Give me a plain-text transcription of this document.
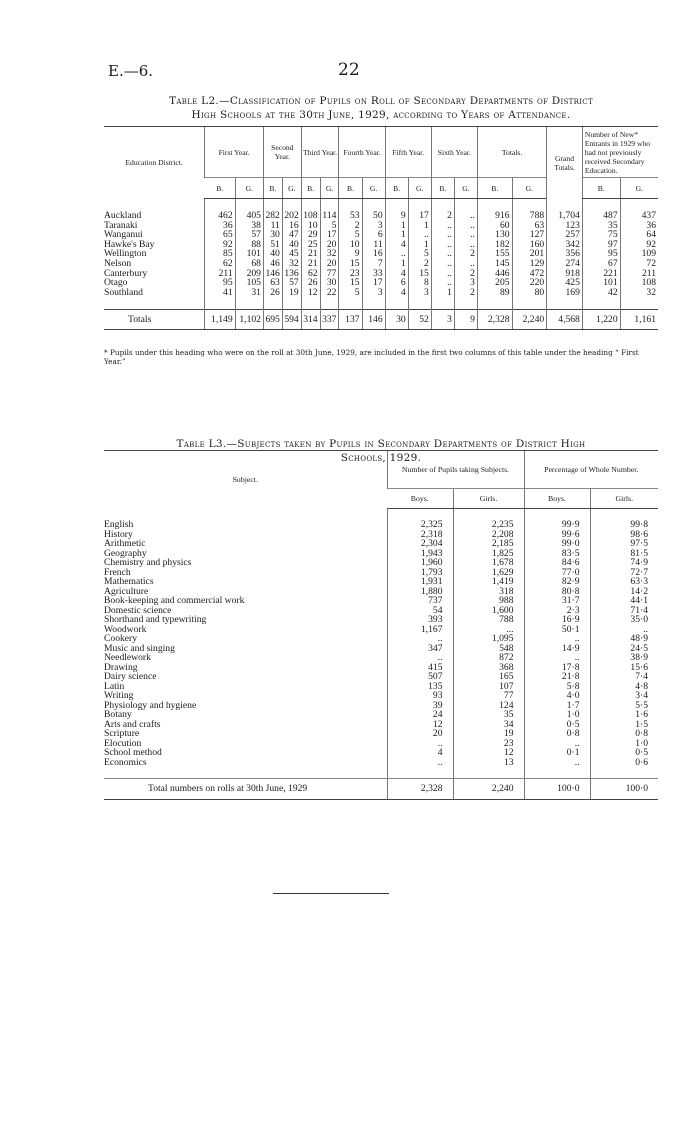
E.—6.	22
Table L2.—Classification of Pupils on Roll of Secondary Departments of District
High Schools at the 30th June, 1929, according to Years of Attendance.
Education District.	First Year.		Second Year.		Third Year.		Fourth Year.		Fifth Year.		Sixth Year.		Totals.		Grand Totals.	Number of New* Entrants in 1929 who had not previously received Secondary Education.	
	B.	G.	B.	G.	B.	G.	B.	G.	B.	G.	B.	G.	B.	G.		B.	G.

Auckland	462	405	282	202	108	114	53	50	9	17	2	..	916	788	1,704	487	437
Taranaki	36	38	11	16	10	5	2	3	1	1	..	..	60	63	123	35	36
Wanganui	65	57	30	47	29	17	5	6	1	..	..	..	130	127	257	75	64
Hawke's Bay	92	88	51	40	25	20	10	11	4	1	..	..	182	160	342	97	92
Wellington	85	101	40	45	21	32	9	16	..	5	..	2	155	201	356	95	109
Nelson	62	68	46	32	21	20	15	7	1	2	..	..	145	129	274	67	72
Canterbury	211	209	146	136	62	77	23	33	4	15	..	2	446	472	918	221	211
Otago	95	105	63	57	26	30	15	17	6	8	..	3	205	220	425	101	108
Southland	41	31	26	19	12	22	5	3	4	3	1	2	89	80	169	42	32

Totals	1,149	1,102	695	594	314	337	137	146	30	52	3	9	2,328	2,240	4,568	1,220	1,161
* Pupils under this heading who were on the roll at 30th June, 1929, are included in the first two columns of this table under the heading “ First Year.”
Table L3.—Subjects taken by Pupils in Secondary Departments of District High
Schools, 1929.
Subject.	Number of Pupils taking Subjects.		Percentage of Whole Number.	
	Boys.	Girls.	Boys.	Girls.

English	2,325	2,235	99·9	99·8
History	2,318	2,208	99·6	98·6
Arithmetic	2,304	2,185	99·0	97·5
Geography	1,943	1,825	83·5	81·5
Chemistry and physics	1,960	1,678	84·6	74·9
French	1,793	1,629	77·0	72·7
Mathematics	1,931	1,419	82·9	63·3
Agriculture	1,880	318	80·8	14·2
Book-keeping and commercial work	737	988	31·7	44·1
Domestic science	54	1,600	2·3	71·4
Shorthand and typewriting	393	788	16·9	35·0
Woodwork	1,167	...	50·1	..
Cookery	..	1,095	..	48·9
Music and singing	347	548	14·9	24·5
Needlework	..	872	..	38·9
Drawing	415	368	17·8	15·6
Dairy science	507	165	21·8	7·4
Latin	135	107	5·8	4·8
Writing	93	77	4·0	3·4
Physiology and hygiene	39	124	1·7	5·5
Botany	24	35	1·0	1·6
Arts and crafts	12	34	0·5	1·5
Scripture	20	19	0·8	0·8
Elocution	..	23	..	1·0
School method	4	12	0·1	0·5
Economics	..	13	..	0·6

Total numbers on rolls at 30th June, 1929	2,328	2,240	100·0	100·0
